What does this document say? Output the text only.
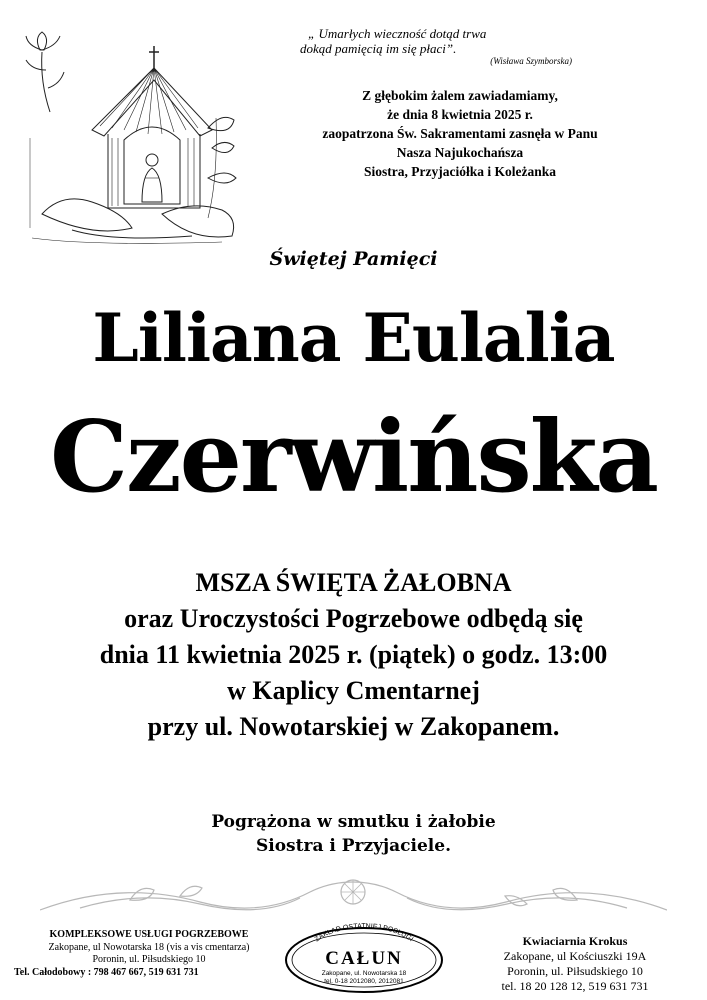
„ Umarłych wieczność dotąd trwa
dokąd pamięcią im się płaci”.
(Wisława Szymborska)
Z głębokim żalem zawiadamiamy,
że dnia 8 kwietnia 2025 r.
zaopatrzona Św. Sakramentami zasnęła w Panu
Nasza Najukochańsza
Siostra, Przyjaciółka i Koleżanka
Świętej Pamięci
Liliana Eulalia
Czerwińska
MSZA ŚWIĘTA ŻAŁOBNA
oraz Uroczystości Pogrzebowe odbędą się
dnia 11 kwietnia 2025 r. (piątek) o godz. 13:00
w Kaplicy Cmentarnej
przy ul. Nowotarskiej w Zakopanem.
Pogrążona w smutku i żałobie
Siostra i Przyjaciele.
KOMPLEKSOWE USŁUGI POGRZEBOWE
Zakopane, ul Nowotarska 18 (vis a vis cmentarza)
Poronin, ul. Piłsudskiego 10
Tel. Całodobowy : 798 467 667, 519 631 731
ZAKŁAD OSTATNIEJ POSŁUGI
CAŁUN
Zakopane, ul. Nowotarska 18
tel. 0-18 2012080, 2012081
Kwiaciarnia Krokus
Zakopane, ul Kościuszki 19A
Poronin, ul. Piłsudskiego 10
tel. 18 20 128 12, 519 631 731
